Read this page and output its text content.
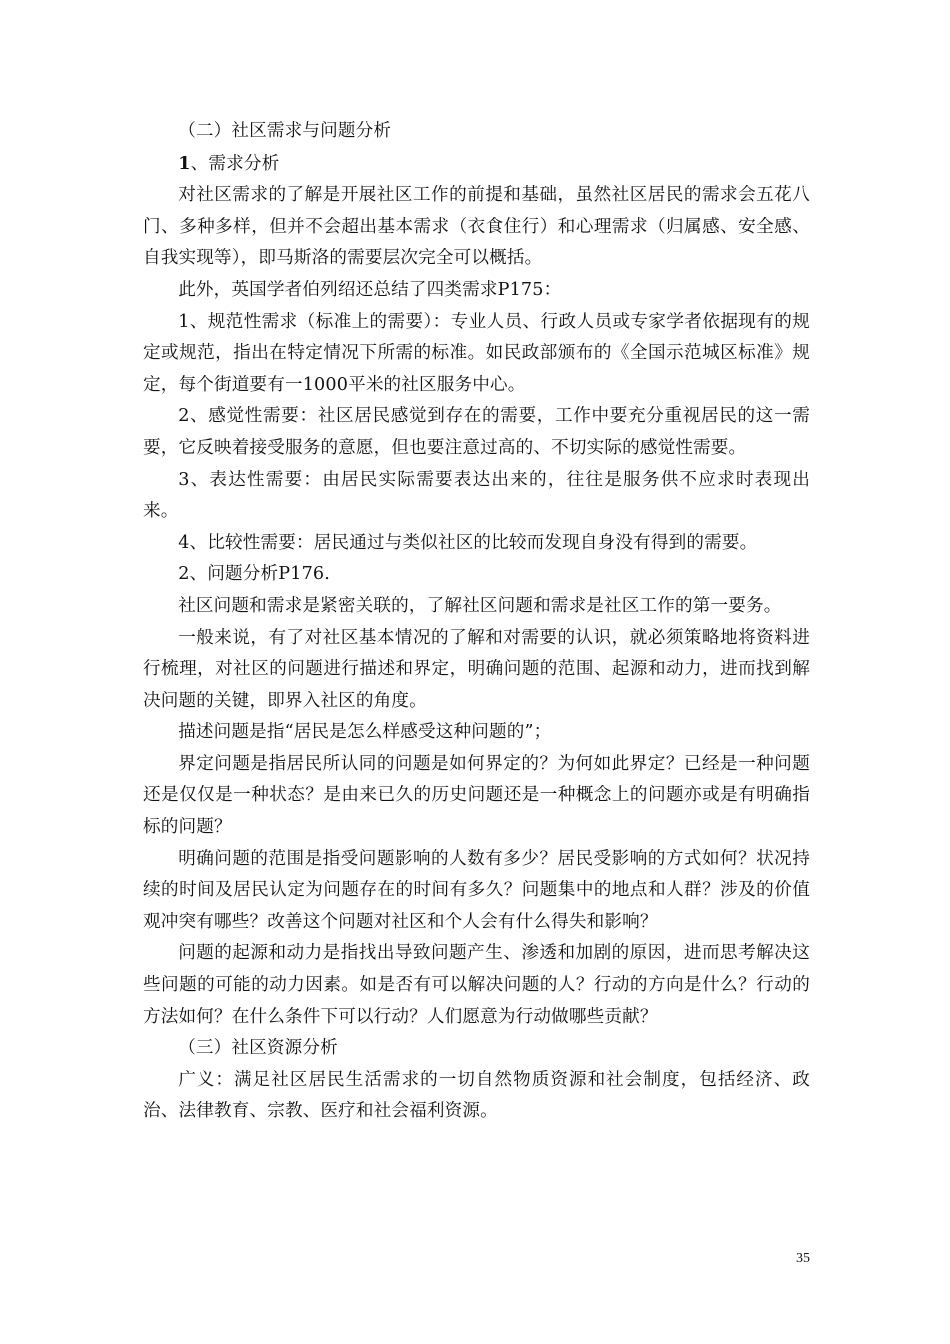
（二）社区需求与问题分析

1、需求分析

对社区需求的了解是开展社区工作的前提和基础，虽然社区居民的需求会五花八门、多种多样，但并不会超出基本需求（衣食住行）和心理需求（归属感、安全感、自我实现等），即马斯洛的需要层次完全可以概括。

此外，英国学者伯列绍还总结了四类需求P175：

1、规范性需求（标准上的需要）：专业人员、行政人员或专家学者依据现有的规定或规范，指出在特定情况下所需的标准。如民政部颁布的《全国示范城区标准》规定，每个街道要有一1000平米的社区服务中心。

2、感觉性需要：社区居民感觉到存在的需要，工作中要充分重视居民的这一需要，它反映着接受服务的意愿，但也要注意过高的、不切实际的感觉性需要。

3、表达性需要：由居民实际需要表达出来的，往往是服务供不应求时表现出来。

4、比较性需要：居民通过与类似社区的比较而发现自身没有得到的需要。

2、问题分析P176.

社区问题和需求是紧密关联的，了解社区问题和需求是社区工作的第一要务。

一般来说，有了对社区基本情况的了解和对需要的认识，就必须策略地将资料进行梳理，对社区的问题进行描述和界定，明确问题的范围、起源和动力，进而找到解决问题的关键，即界入社区的角度。

描述问题是指“居民是怎么样感受这种问题的”；

界定问题是指居民所认同的问题是如何界定的？为何如此界定？已经是一种问题还是仅仅是一种状态？是由来已久的历史问题还是一种概念上的问题亦或是有明确指标的问题？

明确问题的范围是指受问题影响的人数有多少？居民受影响的方式如何？状况持续的时间及居民认定为问题存在的时间有多久？问题集中的地点和人群？涉及的价值观冲突有哪些？改善这个问题对社区和个人会有什么得失和影响？

问题的起源和动力是指找出导致问题产生、渗透和加剧的原因，进而思考解决这些问题的可能的动力因素。如是否有可以解决问题的人？行动的方向是什么？行动的方法如何？在什么条件下可以行动？人们愿意为行动做哪些贡献？

（三）社区资源分析

广义：满足社区居民生活需求的一切自然物质资源和社会制度，包括经济、政治、法律教育、宗教、医疗和社会福利资源。

35
